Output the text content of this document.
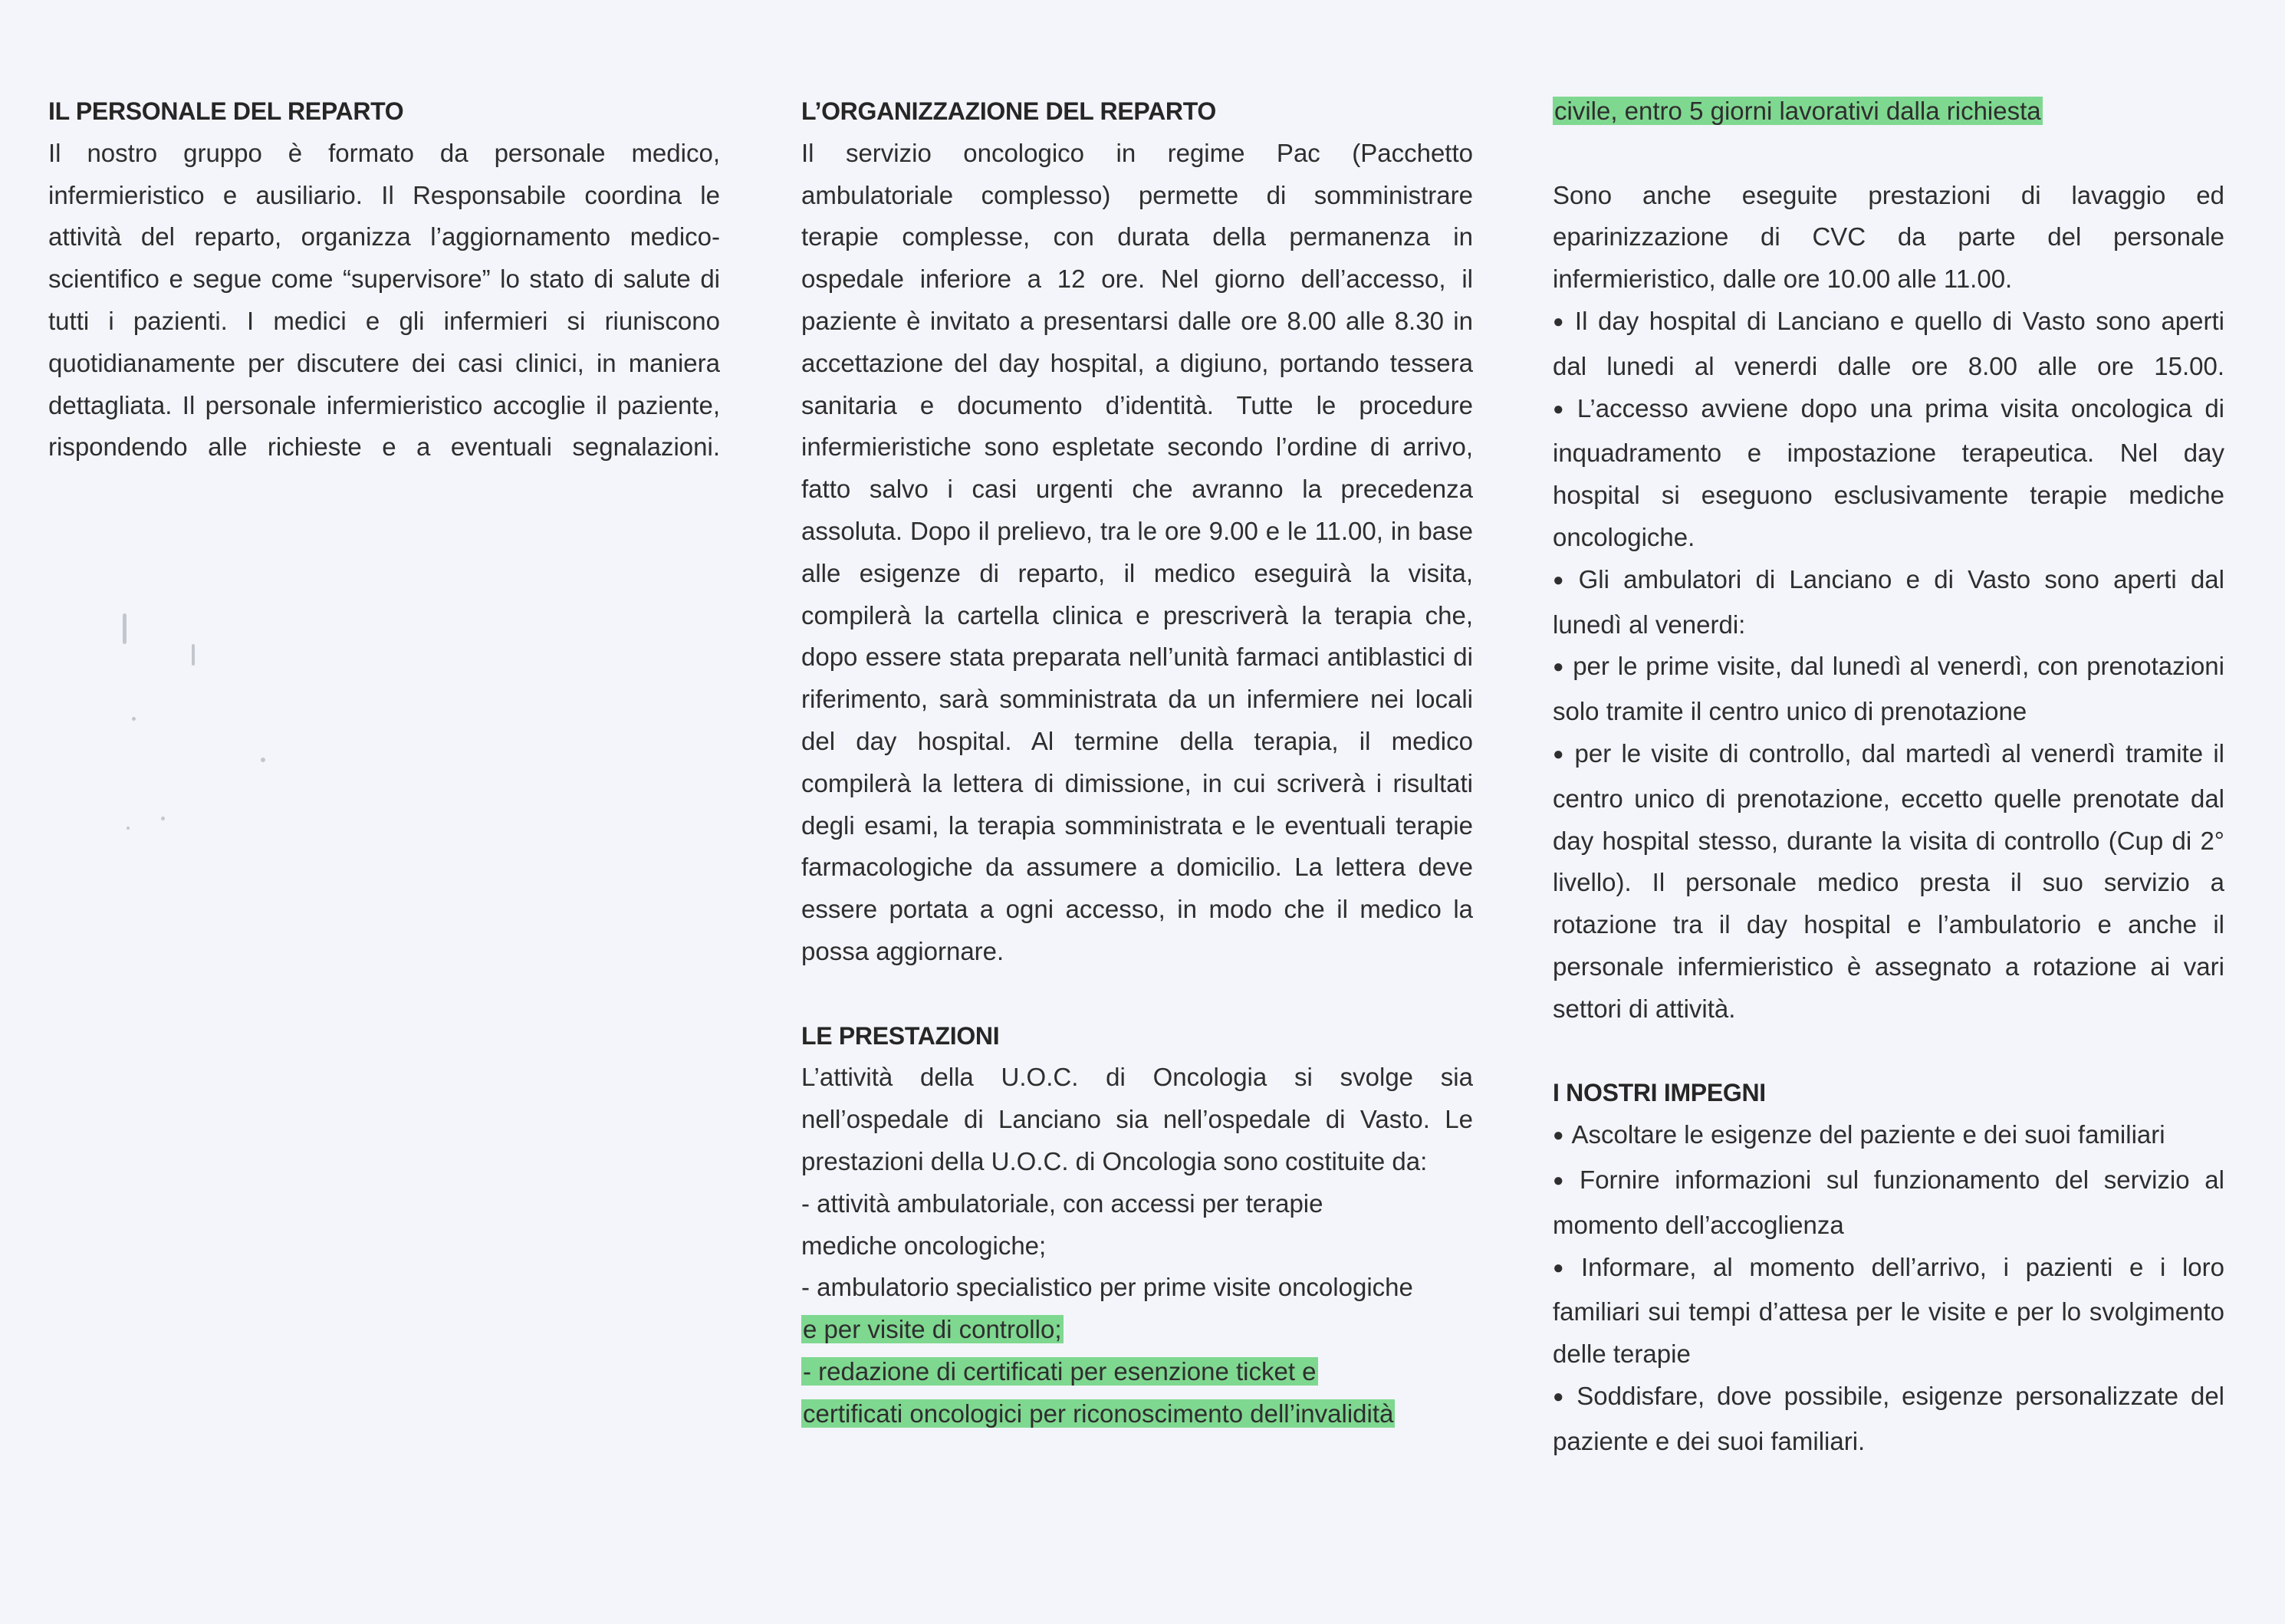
IL PERSONALE DEL REPARTO

Il nostro gruppo è formato da personale medico, infermieristico e ausiliario. Il Responsabile coordina le attività del reparto, organizza l’aggiornamento medico-scientifico e segue come “supervisore” lo stato di salute di tutti i pazienti. I medici e gli infermieri si riuniscono quotidianamente per discutere dei casi clinici, in maniera dettagliata. Il personale infermieristico accoglie il paziente, rispondendo alle richieste e a eventuali segnalazioni.

L’ORGANIZZAZIONE DEL REPARTO

Il servizio oncologico in regime Pac (Pacchetto ambulatoriale complesso) permette di somministrare terapie complesse, con durata della permanenza in ospedale inferiore a 12 ore. Nel giorno dell’accesso, il paziente è invitato a presentarsi dalle ore 8.00 alle 8.30 in accettazione del day hospital, a digiuno, portando tessera sanitaria e documento d’identità. Tutte le procedure infermieristiche sono espletate secondo l’ordine di arrivo, fatto salvo i casi urgenti che avranno la precedenza assoluta. Dopo il prelievo, tra le ore 9.00 e le 11.00, in base alle esigenze di reparto, il medico eseguirà la visita, compilerà la cartella clinica e prescriverà la terapia che, dopo essere stata preparata nell’unità farmaci antiblastici di riferimento, sarà somministrata da un infermiere nei locali del day hospital. Al termine della terapia, il medico compilerà la lettera di dimissione, in cui scriverà i risultati degli esami, la terapia somministrata e le eventuali terapie farmacologiche da assumere a domicilio. La lettera deve essere portata a ogni accesso, in modo che il medico la possa aggiornare.

LE PRESTAZIONI

L’attività della U.O.C. di Oncologia si svolge sia nell’ospedale di Lanciano sia nell’ospedale di Vasto. Le prestazioni della U.O.C. di Oncologia sono costituite da:

- attività ambulatoriale, con accessi per terapie
mediche oncologiche;
- ambulatorio specialistico per prime visite oncologiche
e per visite di controllo;
- redazione di certificati per esenzione ticket e
certificati oncologici per riconoscimento dell’invalidità
civile, entro 5 giorni lavorativi dalla richiesta

Sono anche eseguite prestazioni di lavaggio ed eparinizzazione di CVC da parte del personale infermieristico, dalle ore 10.00 alle 11.00.

● Il day hospital di Lanciano e quello di Vasto sono aperti dal lunedi al venerdi dalle ore 8.00 alle ore 15.00. ● L’accesso avviene dopo una prima visita oncologica di inquadramento e impostazione terapeutica. Nel day hospital si eseguono esclusivamente terapie mediche oncologiche.

● Gli ambulatori di Lanciano e di Vasto sono aperti dal lunedì al venerdi:

● per le prime visite, dal lunedì al venerdì, con prenotazioni solo tramite il centro unico di prenotazione

● per le visite di controllo, dal martedì al venerdì tramite il centro unico di prenotazione, eccetto quelle prenotate dal day hospital stesso, durante la visita di controllo (Cup di 2° livello). Il personale medico presta il suo servizio a rotazione tra il day hospital e l’ambulatorio e anche il personale infermieristico è assegnato a rotazione ai vari settori di attività.

I NOSTRI IMPEGNI

● Ascoltare le esigenze del paziente e dei suoi familiari

● Fornire informazioni sul funzionamento del servizio al momento dell’accoglienza

● Informare, al momento dell’arrivo, i pazienti e i loro familiari sui tempi d’attesa per le visite e per lo svolgimento delle terapie

● Soddisfare, dove possibile, esigenze personalizzate del paziente e dei suoi familiari.
